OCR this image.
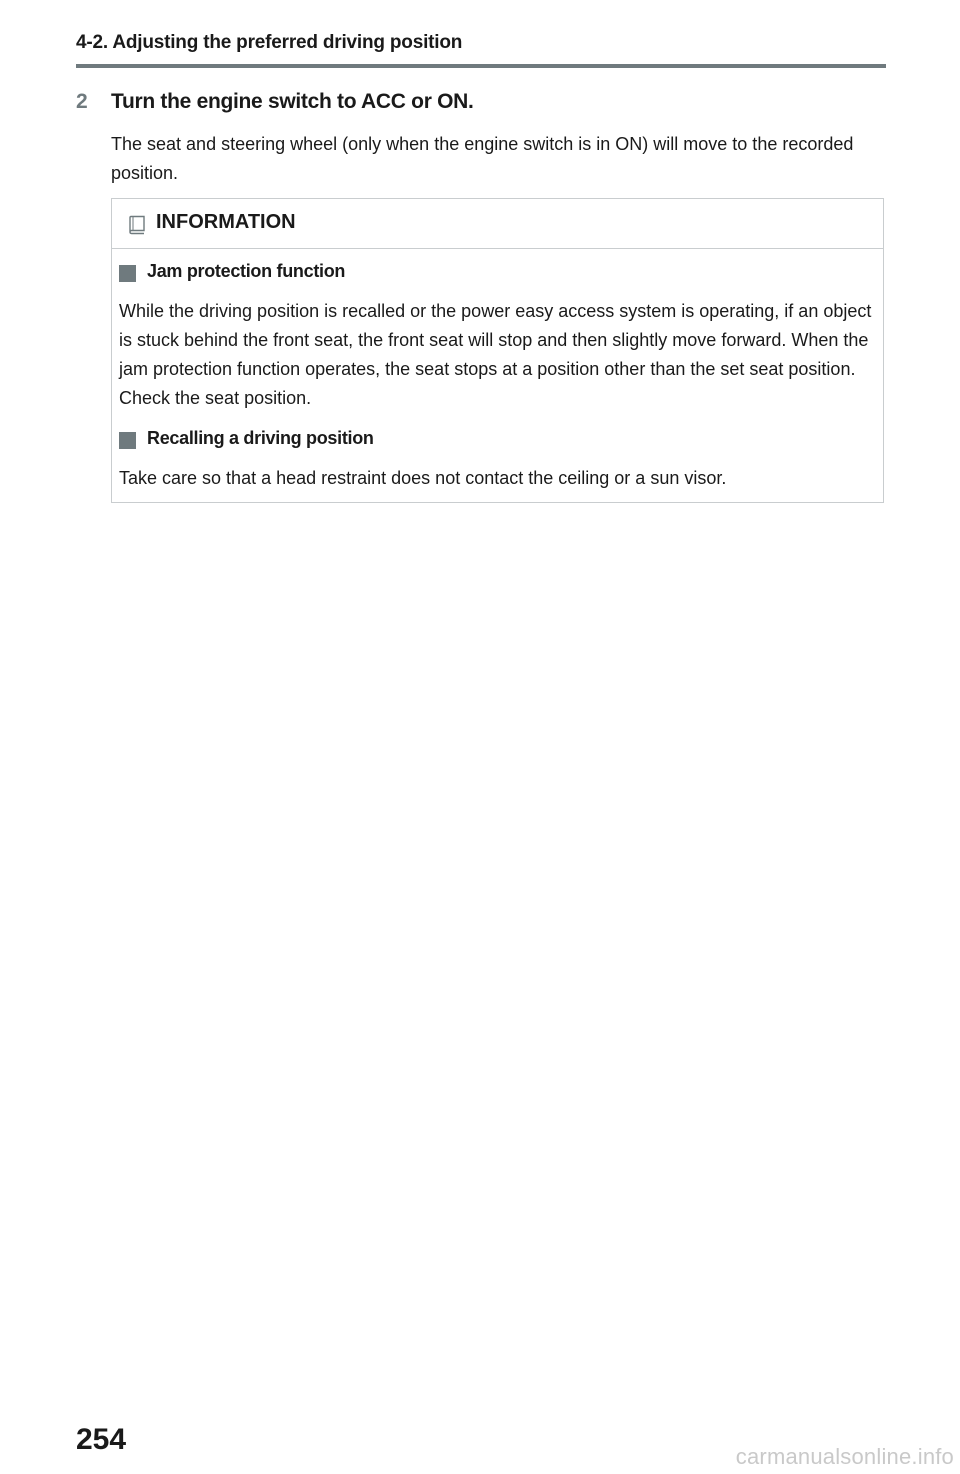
4-2. Adjusting the preferred driving position
2 Turn the engine switch to ACC or ON.
The seat and steering wheel (only when the engine switch is in ON) will move to the recorded position.
INFORMATION
Jam protection function
While the driving position is recalled or the power easy access system is operating, if an object is stuck behind the front seat, the front seat will stop and then slightly move forward. When the jam protection function operates, the seat stops at a position other than the set seat position. Check the seat position.
Recalling a driving position
Take care so that a head restraint does not contact the ceiling or a sun visor.
254
carmanualsonline.info
